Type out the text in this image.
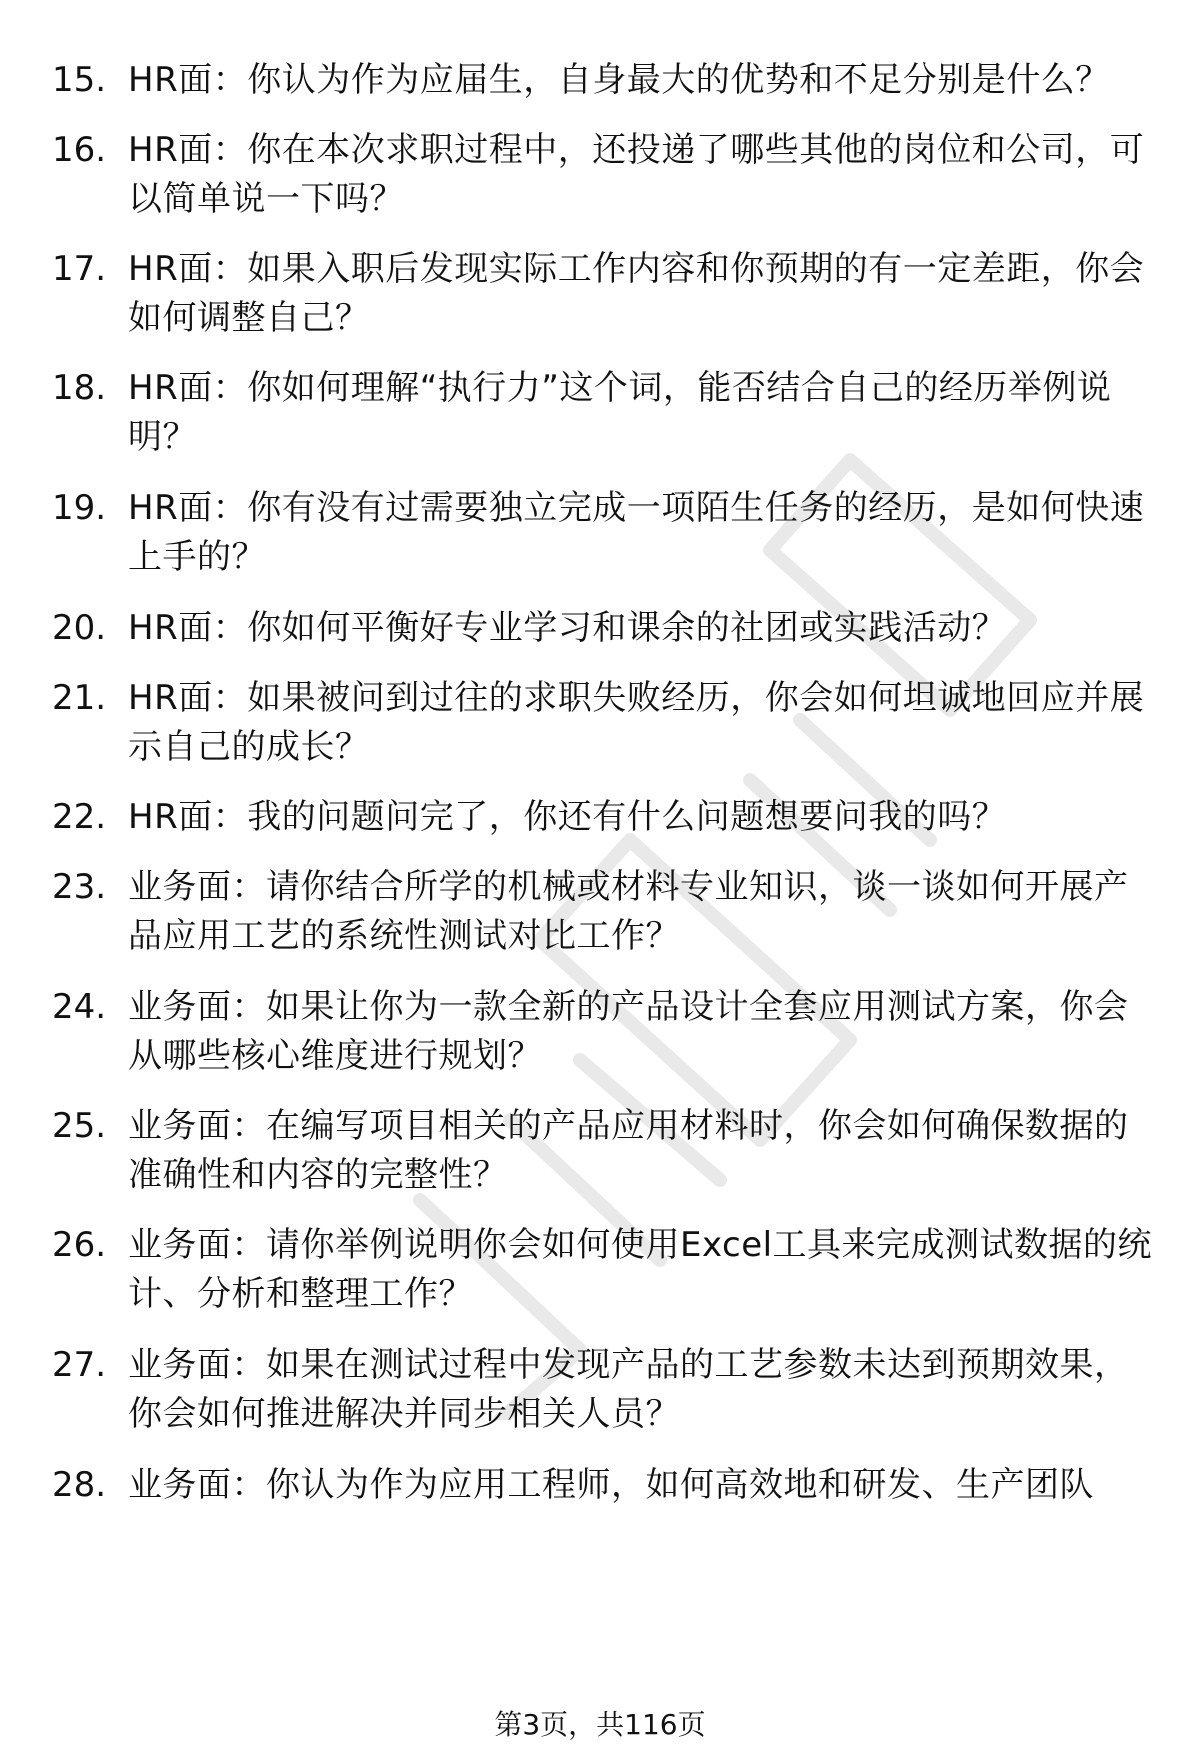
15. HR面：你认为作为应届生，自身最大的优势和不足分别是什么？
16. HR面：你在本次求职过程中，还投递了哪些其他的岗位和公司，可以简单说一下吗？
17. HR面：如果入职后发现实际工作内容和你预期的有一定差距，你会如何调整自己？
18. HR面：你如何理解“执行力”这个词，能否结合自己的经历举例说明？
19. HR面：你有没有过需要独立完成一项陌生任务的经历，是如何快速上手的？
20. HR面：你如何平衡好专业学习和课余的社团或实践活动？
21. HR面：如果被问到过往的求职失败经历，你会如何坦诚地回应并展示自己的成长？
22. HR面：我的问题问完了，你还有什么问题想要问我的吗？
23. 业务面：请你结合所学的机械或材料专业知识，谈一谈如何开展产品应用工艺的系统性测试对比工作？
24. 业务面：如果让你为一款全新的产品设计全套应用测试方案，你会从哪些核心维度进行规划？
25. 业务面：在编写项目相关的产品应用材料时，你会如何确保数据的准确性和内容的完整性？
26. 业务面：请你举例说明你会如何使用Excel工具来完成测试数据的统计、分析和整理工作？
27. 业务面：如果在测试过程中发现产品的工艺参数未达到预期效果，你会如何推进解决并同步相关人员？
28. 业务面：你认为作为应用工程师，如何高效地和研发、生产团队
第3页，共116页
